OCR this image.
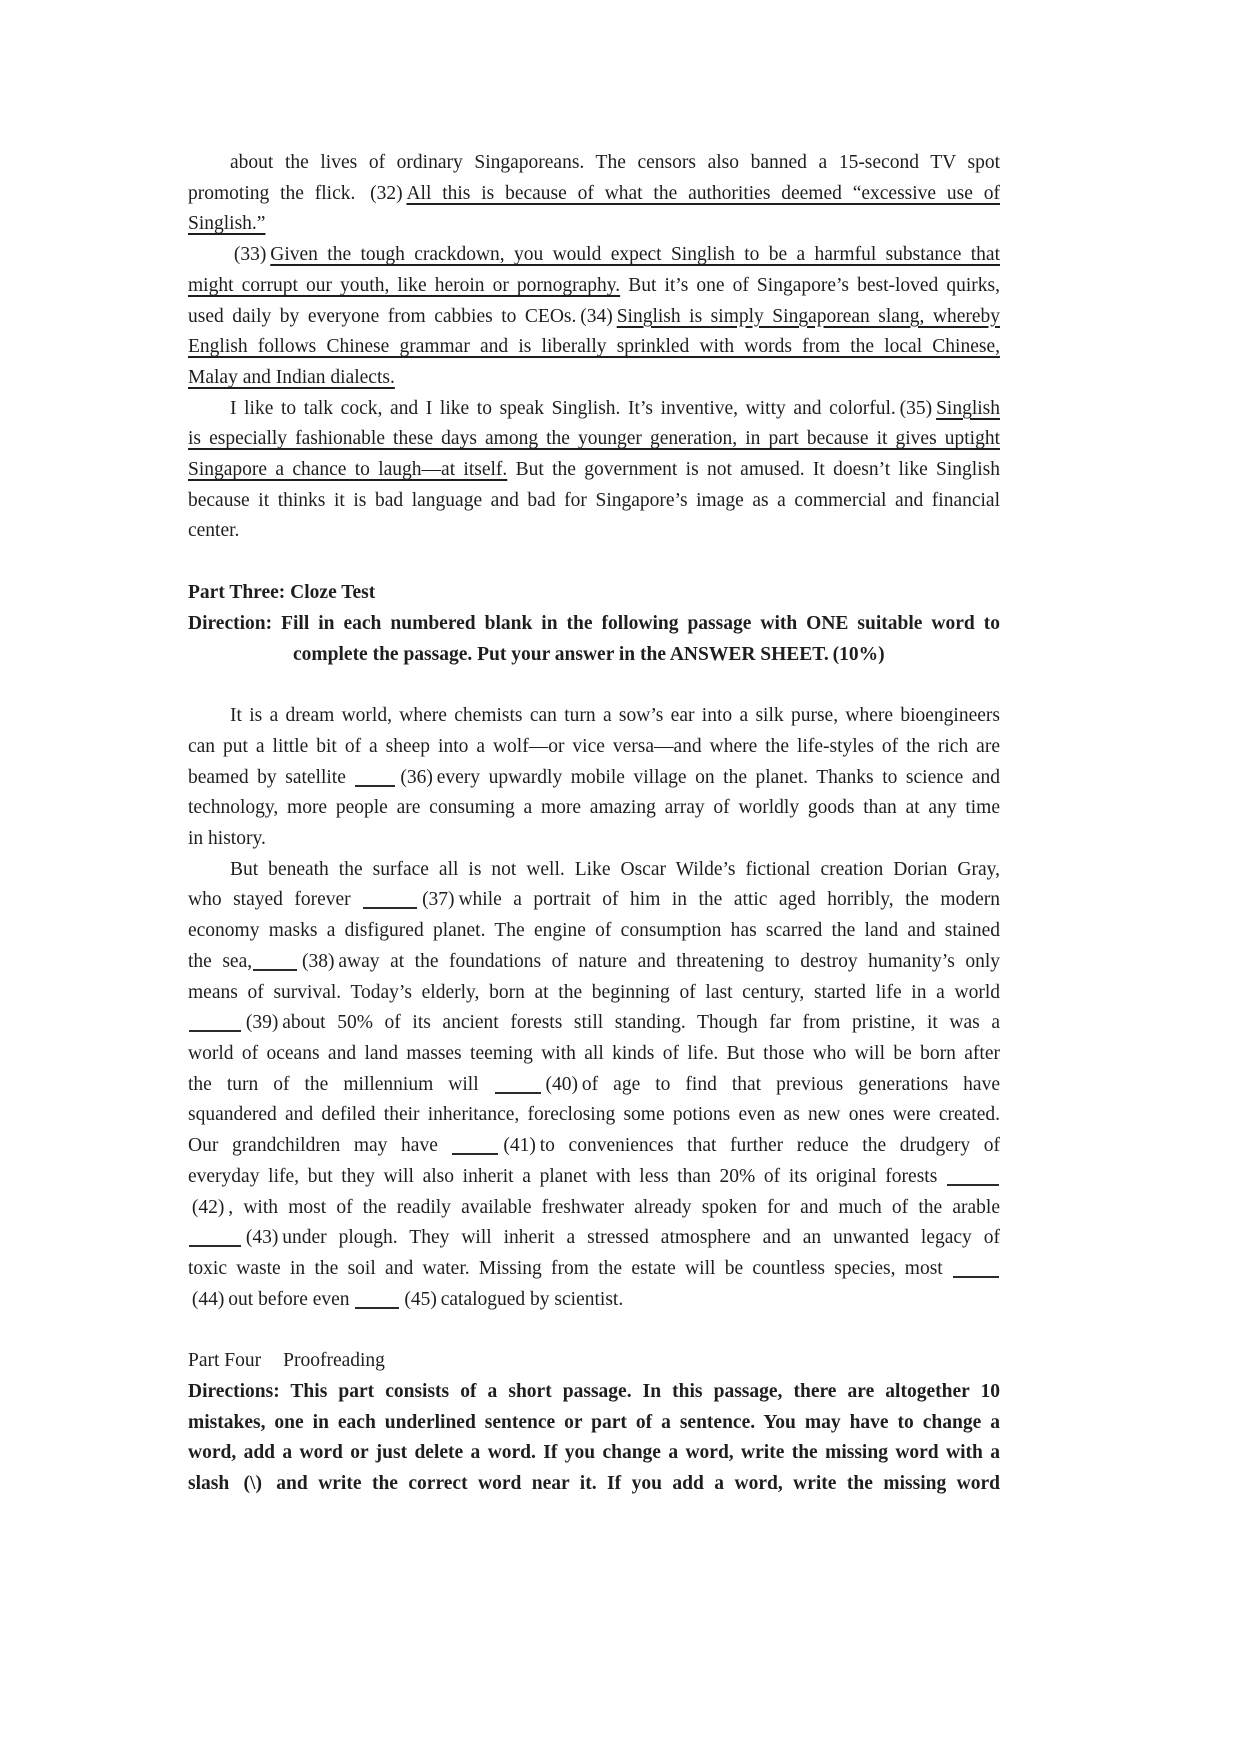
about the lives of ordinary Singaporeans. The censors also banned a 15-second TV spot
promoting the flick. (32) All this is because of what the authorities deemed “excessive use of
Singlish.”
(33) Given the tough crackdown, you would expect Singlish to be a harmful substance that
might corrupt our youth, like heroin or pornography. But it’s one of Singapore’s best-loved quirks,
used daily by everyone from cabbies to CEOs. (34) Singlish is simply Singaporean slang, whereby
English follows Chinese grammar and is liberally sprinkled with words from the local Chinese,
Malay and Indian dialects.
I like to talk cock, and I like to speak Singlish. It’s inventive, witty and colorful. (35) Singlish
is especially fashionable these days among the younger generation, in part because it gives uptight
Singapore a chance to laugh—at itself. But the government is not amused. It doesn’t like Singlish
because it thinks it is bad language and bad for Singapore’s image as a commercial and financial
center.
Part Three: Cloze Test
Direction: Fill in each numbered blank in the following passage with ONE suitable word to
complete the passage. Put your answer in the ANSWER SHEET. (10%)
It is a dream world, where chemists can turn a sow’s ear into a silk purse, where bioengineers
can put a little bit of a sheep into a wolf—or vice versa—and where the life-styles of the rich are
beamed by satellite (36) every upwardly mobile village on the planet. Thanks to science and
technology, more people are consuming a more amazing array of worldly goods than at any time
in history.
But beneath the surface all is not well. Like Oscar Wilde’s fictional creation Dorian Gray,
who stayed forever	(37) while a portrait of him in the attic aged horribly, the modern
economy masks a disfigured planet. The engine of consumption has scarred the land and stained
the sea,	(38) away at the foundations of nature and threatening to destroy humanity’s only
means of survival. Today’s elderly, born at the beginning of last century, started life in a world
(39) about 50% of its ancient forests still standing. Though far from pristine, it was a
world of oceans and land masses teeming with all kinds of life. But those who will be born after
the turn of the millennium will	(40) of age to find that previous generations have
squandered and defiled their inheritance, foreclosing some potions even as new ones were created.
Our grandchildren may have	(41) to conveniences that further reduce the drudgery of
everyday life, but they will also inherit a planet with less than 20% of its original forests
(42) , with most of the readily available freshwater already spoken for and much of the arable
(43) under plough. They will inherit a stressed atmosphere and an unwanted legacy of
toxic waste in the soil and water. Missing from the estate will be countless species, most
(44) out before even	(45) catalogued by scientist.
Part Four Proofreading
Directions: This part consists of a short passage. In this passage, there are altogether 10
mistakes, one in each underlined sentence or part of a sentence. You may have to change a
word, add a word or just delete a word. If you change a word, write the missing word with a
slash (\) and write the correct word near it. If you add a word, write the missing word
